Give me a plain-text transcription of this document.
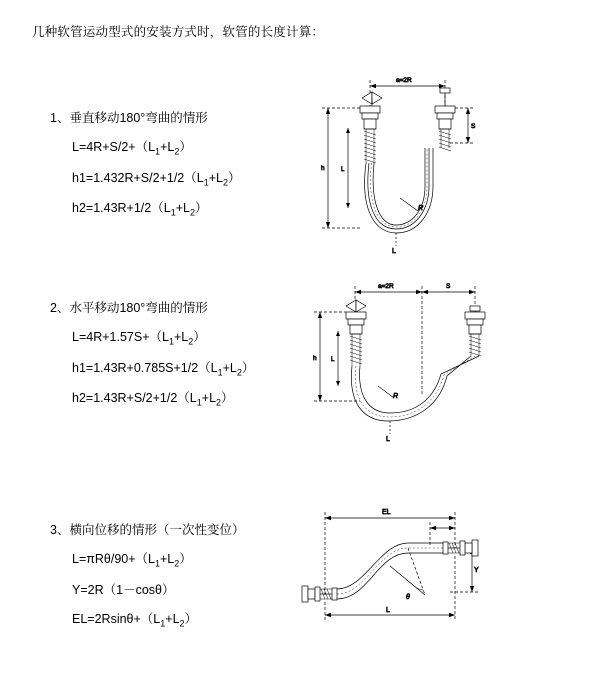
几种软管运动型式的安装方式时，软管的长度计算：
1、垂直移动180°弯曲的情形
$L=4R+S/2+(L_1+L_2)$
$h1=1.432R+S/2+1/2(L_1+L_2)$
$h2=1.43R+1/2(L_1+L_2)$
a=2R
h
S
R
L
L
2、水平移动180°弯曲的情形
$L=4R+1.57S+(L_1+L_2)$
$h1=1.43R+0.785S+1/2(L_1+L_2)$
$h2=1.43R+S/2+1/2(L_1+L_2)$
a=2R	S
h L
R
L
3、横向位移的情形（一次性变位）
$L=\pi R\theta/90+(L_1+L_2)$
Y=2R（1－cosθ）
$EL=2Rsin\theta+(L_1+L_2)$
EL
Y
θ
L
